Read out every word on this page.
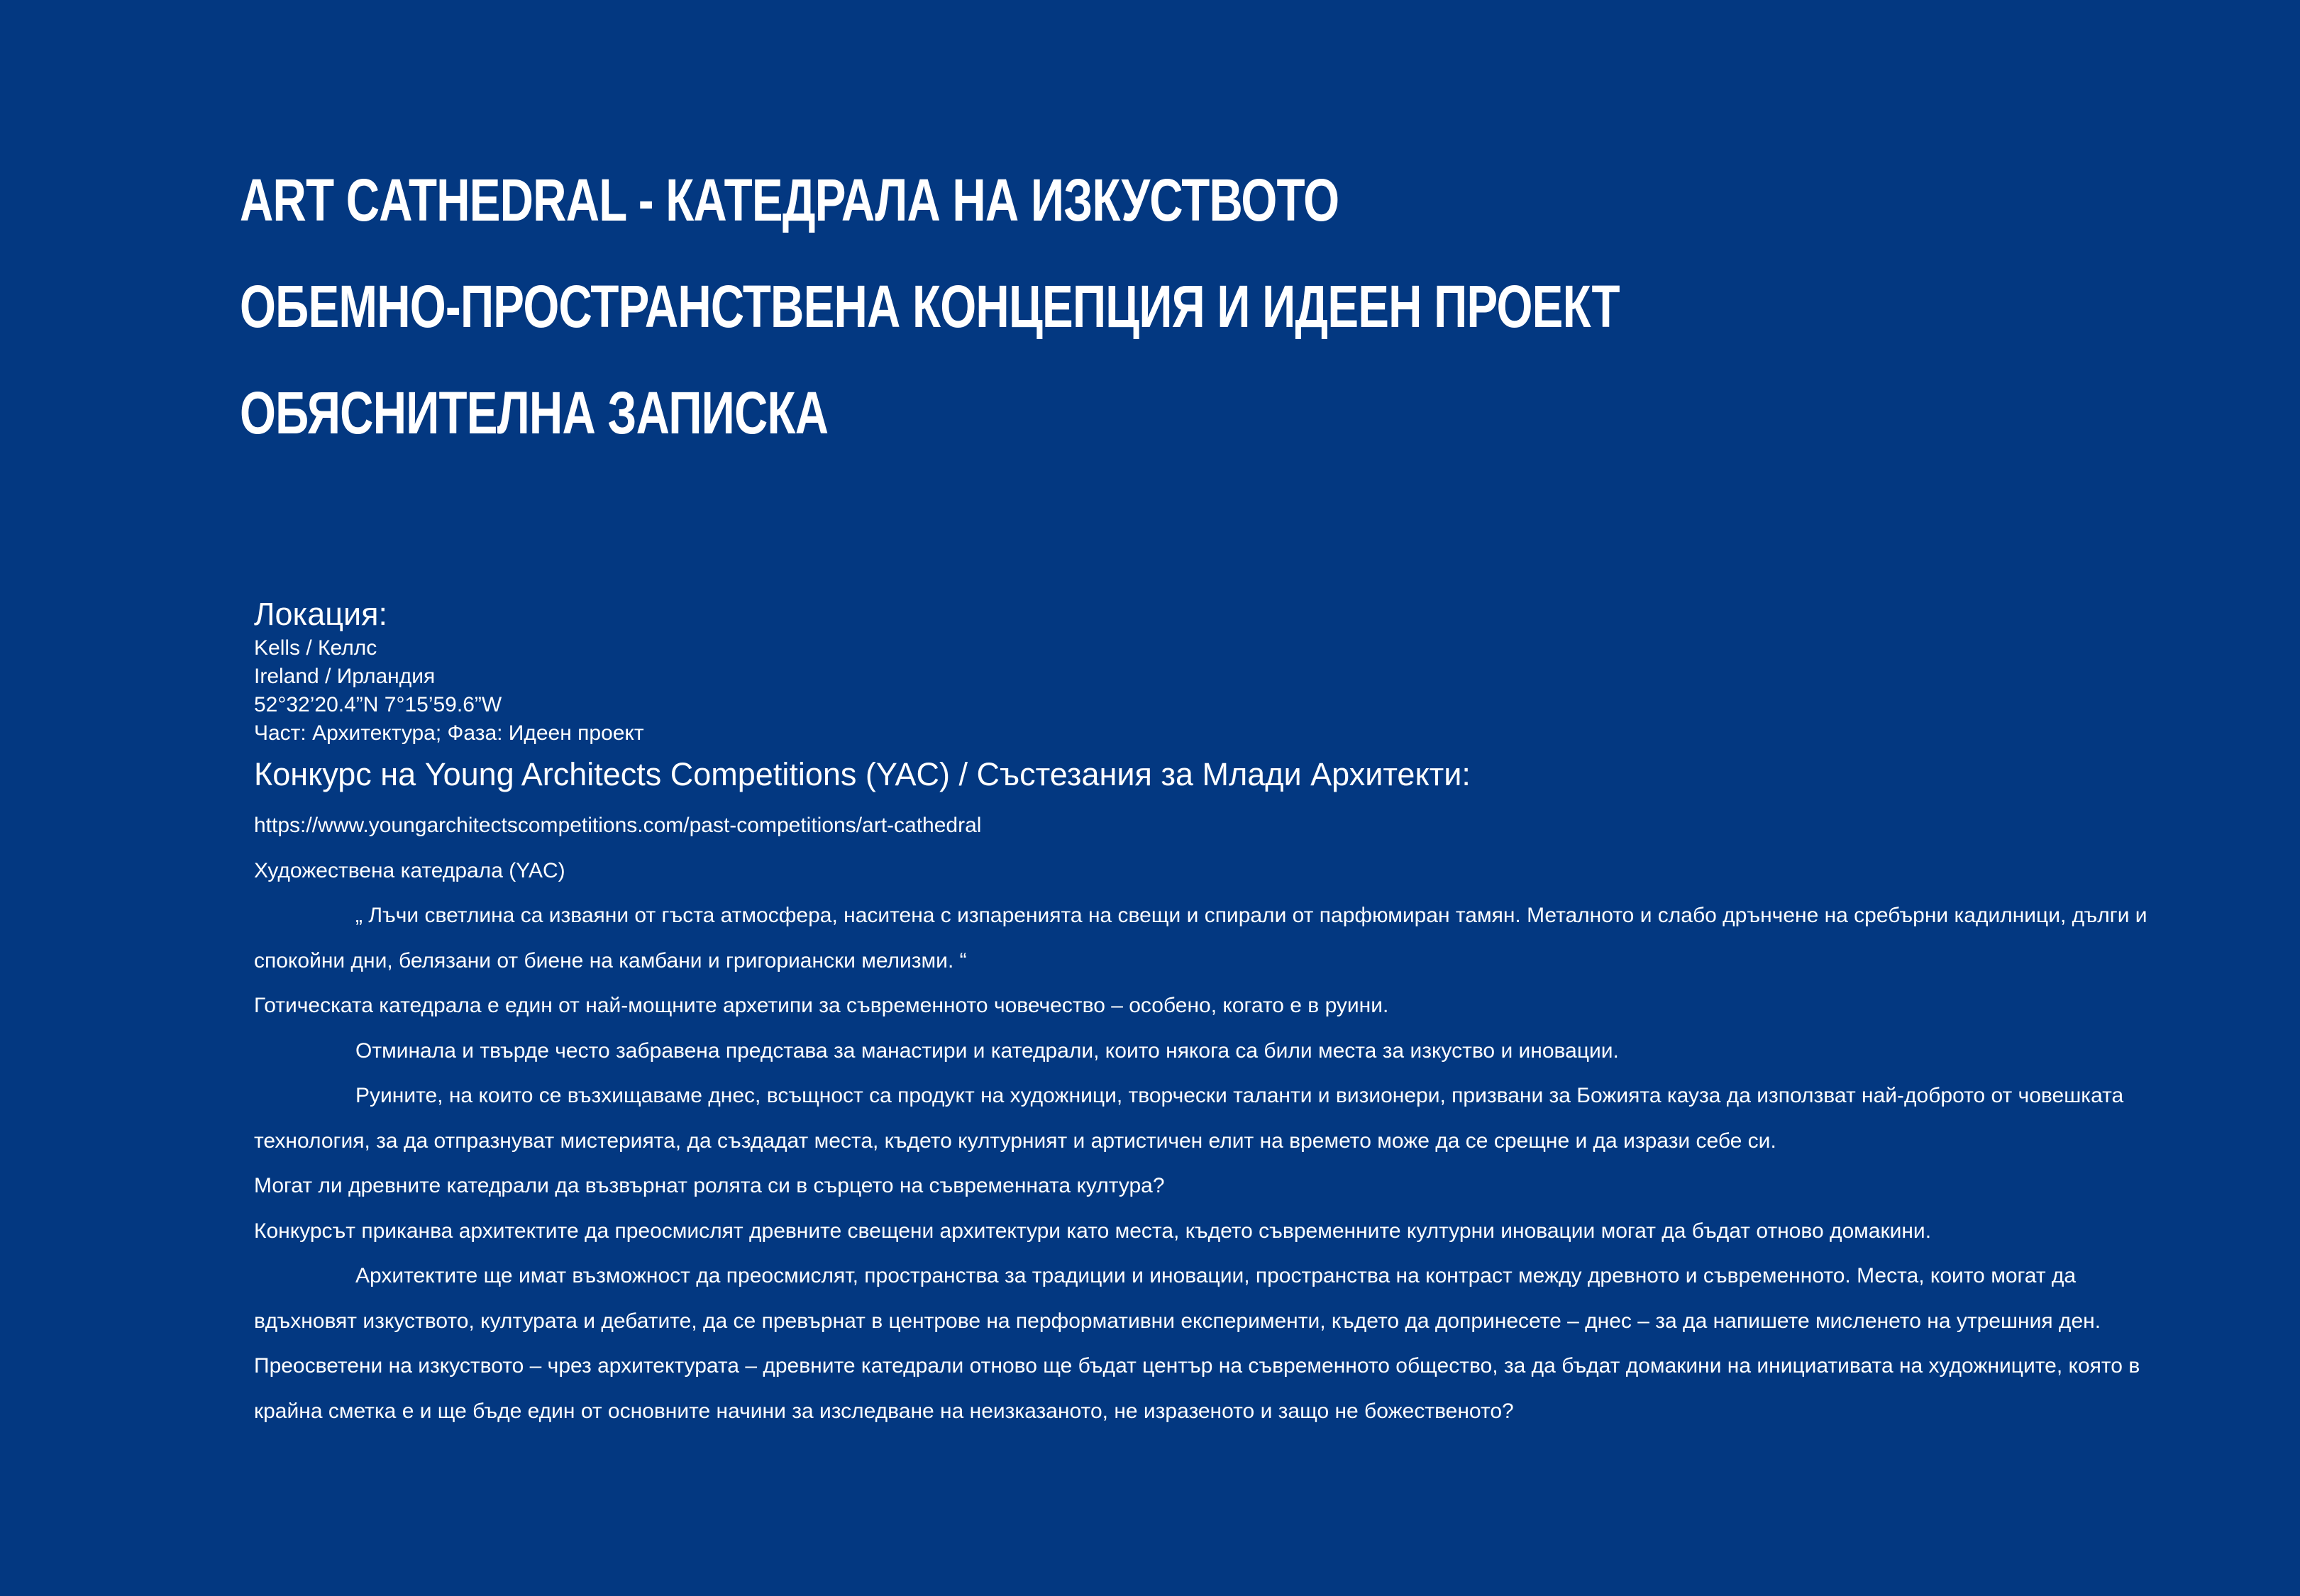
ART CATHEDRAL - КАТЕДРАЛА НА ИЗКУСТВОТО
ОБЕМНО-ПРОСТРАНСТВЕНА КОНЦЕПЦИЯ И ИДЕЕН ПРОЕКТ
ОБЯСНИТЕЛНА ЗАПИСКА
Локация:
Kells / Келлс
Ireland / Ирландия
52°32’20.4”N 7°15’59.6”W
Част: Архитектура; Фаза: Идеен проект
Конкурс на Young Architects Competitions (YAC) / Състезания за Млади Архитекти:
https://www.youngarchitectscompetitions.com/past-competitions/art-cathedral
Художествена катедрала (YAC)
„ Лъчи светлина са изваяни от гъста атмосфера, наситена с изпаренията на свещи и спирали от парфюмиран тамян. Металното и слабо дрънчене на сребърни кадилници, дълги и спокойни дни, белязани от биене на камбани и григориански мелизми. “
Готическата катедрала е един от най-мощните архетипи за съвременното човечество – особено, когато е в руини.
Отминала и твърде често забравена представа за манастири и катедрали, които някога са били места за изкуство и иновации.
Руините, на които се възхищаваме днес, всъщност са продукт на художници, творчески таланти и визионери, призвани за Божията кауза да използват най-доброто от човешката технология, за да отпразнуват мистерията, да създадат места, където културният и артистичен елит на времето може да се срещне и да изрази себе си.
Могат ли древните катедрали да възвърнат ролята си в сърцето на съвременната култура?
Конкурсът приканва архитектите да преосмислят древните свещени архитектури като места, където съвременните културни иновации могат да бъдат отново домакини.
Архитектите ще имат възможност да преосмислят, пространства за традиции и иновации, пространства на контраст между древното и съвременното. Места, които могат да вдъхновят изкуството, културата и дебатите, да се превърнат в центрове на перформативни експерименти, където да допринесете – днес – за да напишете мисленето на утрешния ден.
Преосветени на изкуството – чрез архитектурата – древните катедрали отново ще бъдат център на съвременното общество, за да бъдат домакини на инициативата на художниците, която в крайна сметка е и ще бъде един от основните начини за изследване на неизказаното, не изразеното и защо не божественото?
